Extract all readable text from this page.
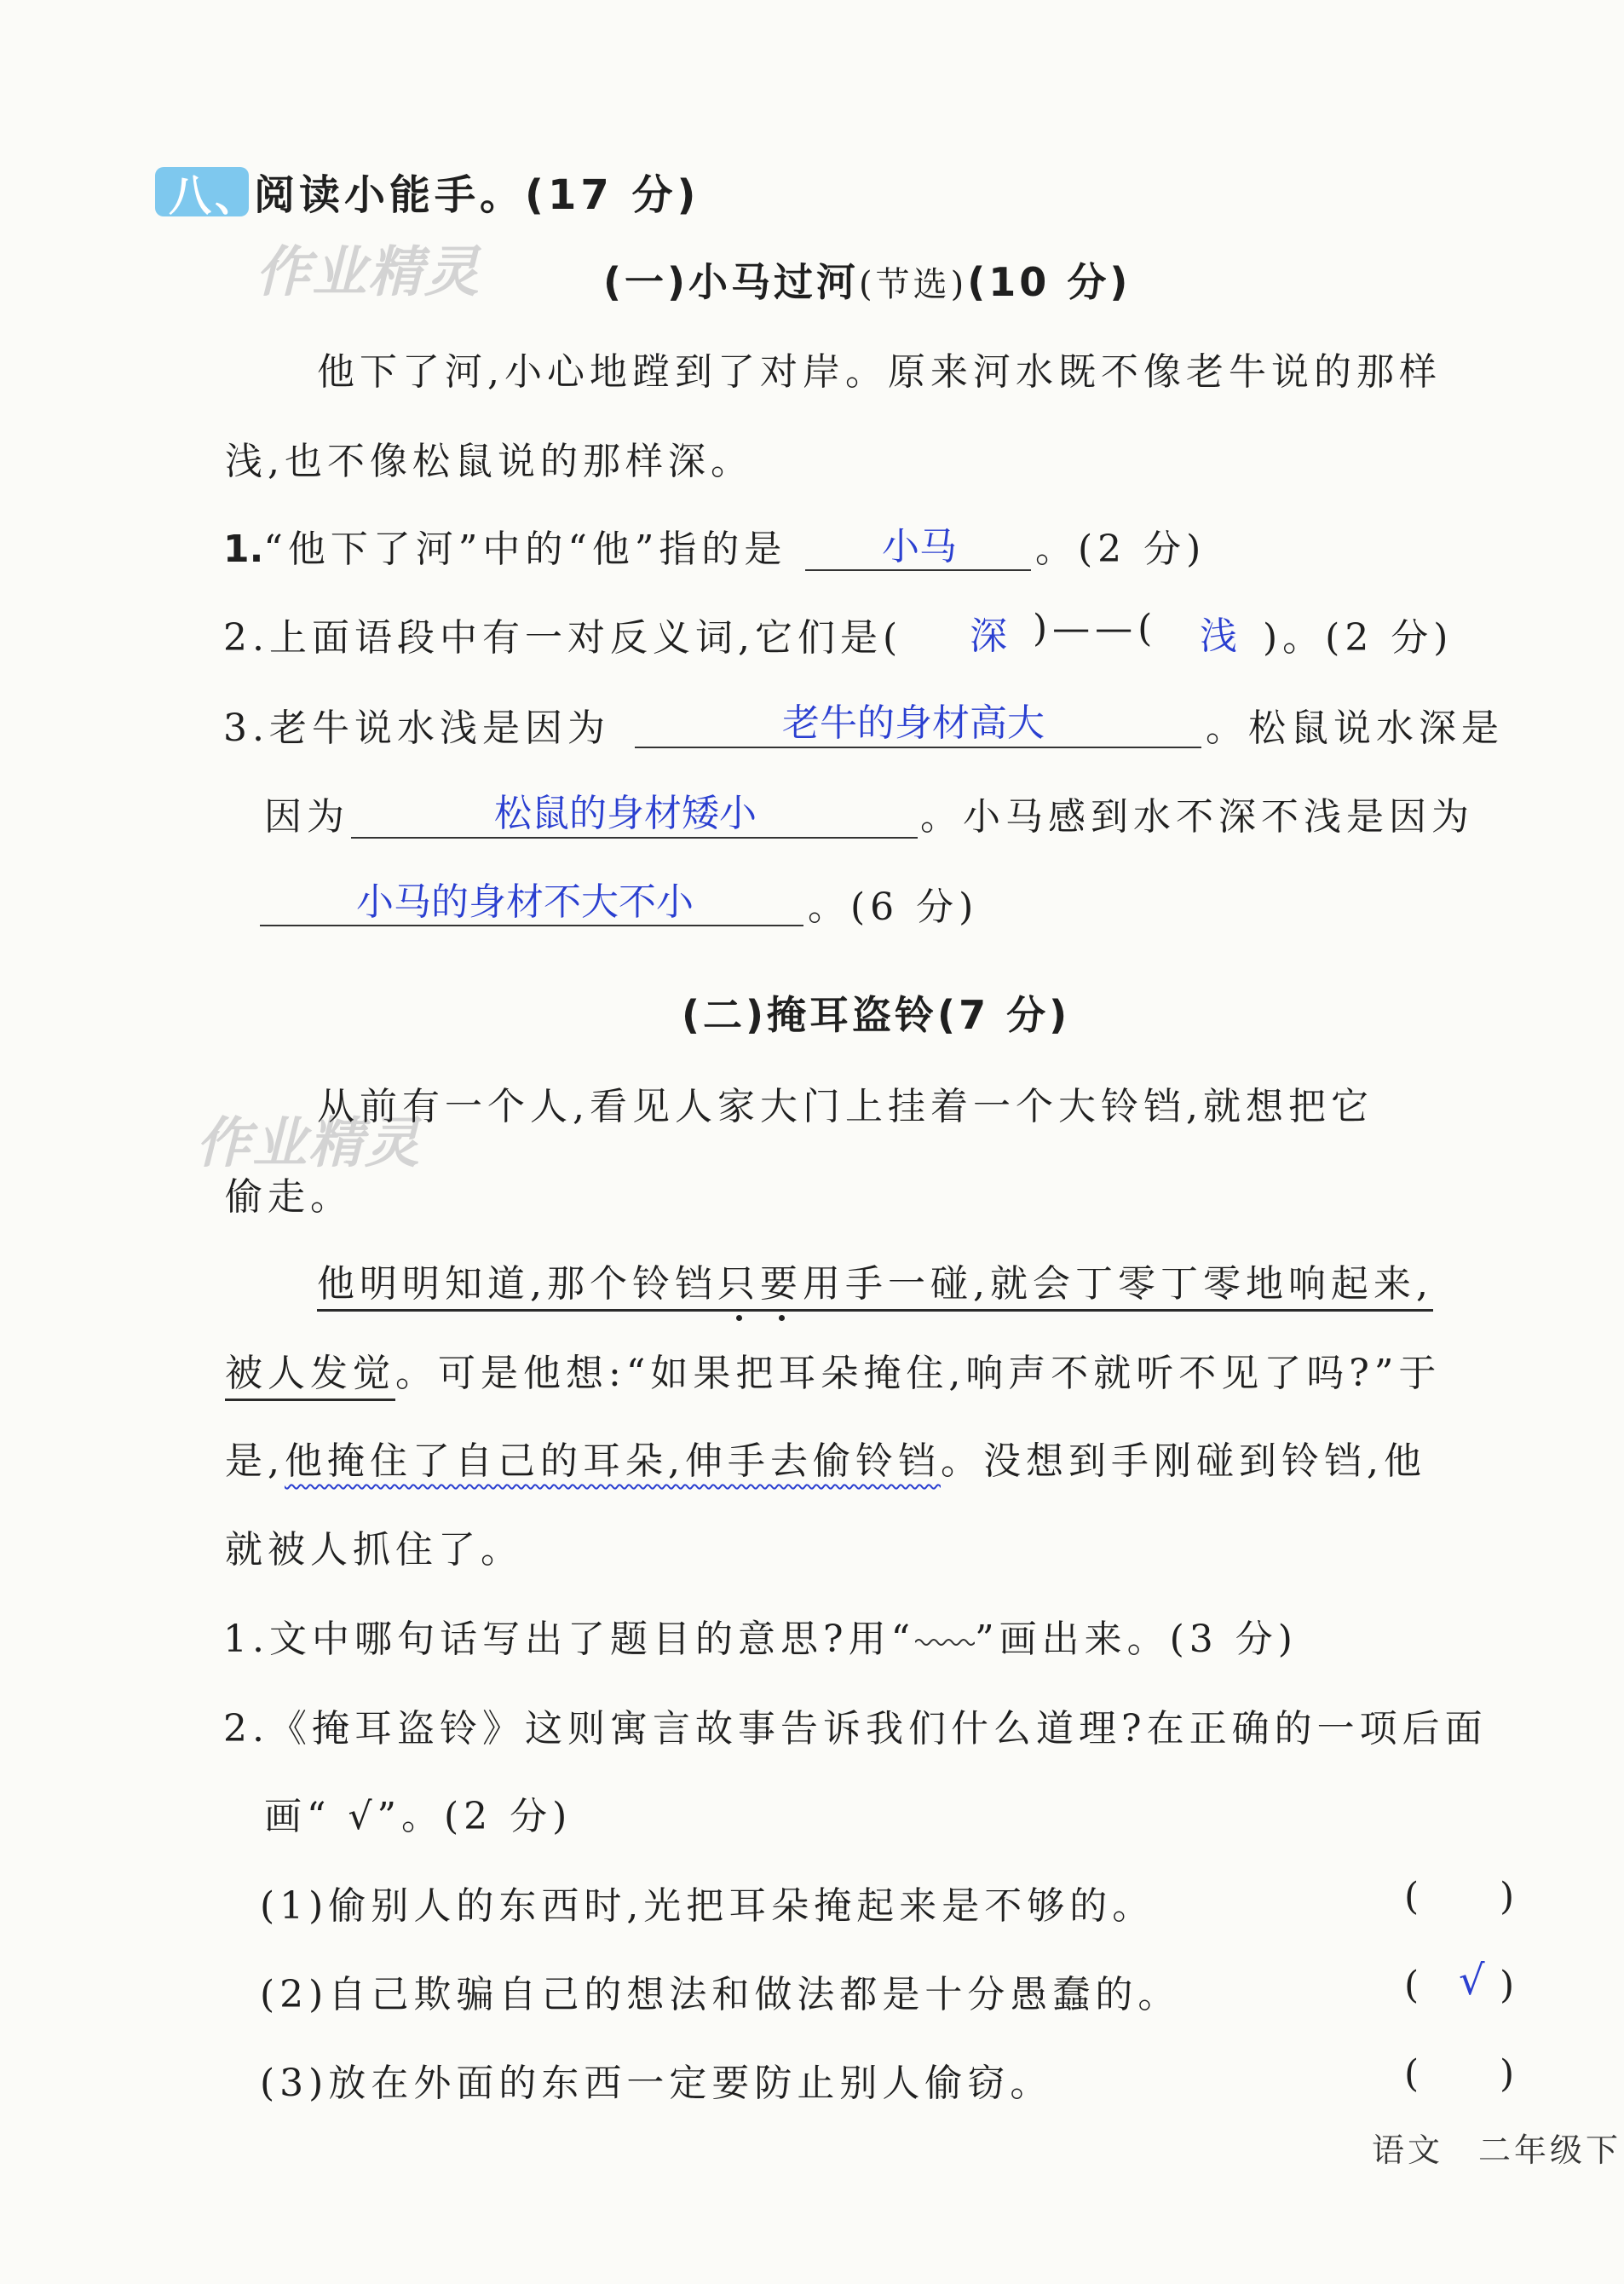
八、
阅读小能手。(17 分)
作业精灵
作业精灵
(一)小马过河(节选)(10 分)
他下了河,小心地蹚到了对岸。原来河水既不像老牛说的那样
浅,也不像松鼠说的那样深。
1.“他下了河”中的“他”指的是	小马 。(2 分)
2.上面语段中有一对反义词,它们是( 深 )——( 浅 )。(2 分)
3.老牛说水浅是因为	老牛的身材高大	。松鼠说水深是
因为	松鼠的身材矮小	。小马感到水不深不浅是因为
小马的身材不大不小	。(6 分)
(二)掩耳盗铃(7 分)
从前有一个人,看见人家大门上挂着一个大铃铛,就想把它
偷走。
他明明知道,那个铃铛只要用手一碰,就会丁零丁零地响起来,
被人发觉。可是他想:“如果把耳朵掩住,响声不就听不见了吗?”于
是,他掩住了自己的耳朵,伸手去偷铃铛。没想到手刚碰到铃铛,他
就被人抓住了。
1.文中哪句话写出了题目的意思?用“ ”画出来。(3 分)
2.《掩耳盗铃》这则寓言故事告诉我们什么道理?在正确的一项后面
画“ √”。(2 分)
(1)偷别人的东西时,光把耳朵掩起来是不够的。	( )
(2)自己欺骗自己的想法和做法都是十分愚蠢的。	( √ )
(3)放在外面的东西一定要防止别人偷窃。	( )
语文 二年级下
